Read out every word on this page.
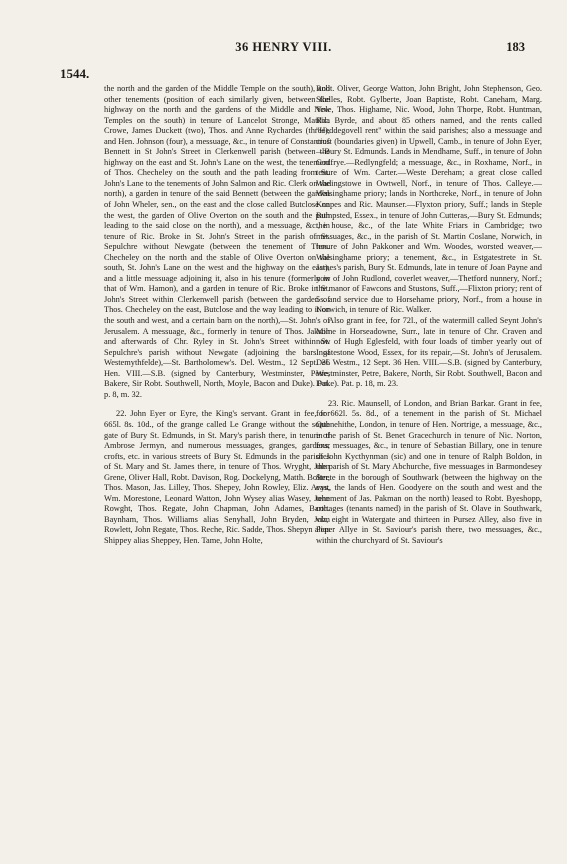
36 HENRY VIII.	183
1544.

the north and the garden of the Middle Temple on the south), and other tenements (position of each similarly given, between the highway on the north and the gardens of the Middle and New Temples on the south) in tenure of Lancelot Stronge, Matilda Crowe, James Duckett (two), Thos. and Anne Rychardes (three), and Hen. Johnson (four), a messuage, &c., in tenure of Constantius Bennett in St John's Street in Clerkenwell parish (between the highway on the east and St. John's Lane on the west, the tenement of Thos. Checheley on the south and the path leading from St. John's Lane to the tenements of John Salmon and Ric. Clerk on the north), a garden in tenure of the said Bennett (between the garden of John Wheler, sen., on the east and the close called Butclose on the west, the garden of Olive Overton on the south and the path leading to the said close on the north), and a messuage, &c., in tenure of Ric. Broke in St. John's Street in the parish of St. Sepulchre without Newgate (between the tenement of Thos. Checheley on the north and the stable of Olive Overton on the south, St. John's Lane on the west and the highway on the east), and a little messuage adjoining it, also in his tenure (formerly in that of Wm. Hamon), and a garden in tenure of Ric. Broke in St. John's Street within Clerkenwell parish (between the garden of Thos. Checheley on the east, Butclose and the way leading to it on the south and west, and a certain barn on the north),—St. John's of Jerusalem. A messuage, &c., formerly in tenure of Thos. Jakson and afterwards of Chr. Ryley in St. John's Street within St. Sepulchre's parish without Newgate (adjoining the bars of Westemythfelde),—St. Bartholomew's. Del. Westm., 12 Sept. 36 Hen. VIII.—S.B. (signed by Canterbury, Westminster, Petre, Bakere, Sir Robt. Southwell, North, Moyle, Bacon and Duke). Pat. p. 8, m. 32.

22. John Eyer or Eyre, the King's servant. Grant in fee, for 665l. 8s. 10d., of the grange called Le Grange without the south gate of Bury St. Edmunds, in St. Mary's parish there, in tenure of Ambrose Jermyn, and numerous messuages, granges, gardens, crofts, etc. in various streets of Bury St. Edmunds in the parishes of St. Mary and St. James there, in tenure of Thos. Wryght, John Grene, Oliver Hall, Robt. Davison, Rog. Dockelyng, Matth. Bolter, Thos. Mason, Jas. Lilley, Thos. Shepey, John Rowley, Eliz. Avys, Wm. Morestone, Leonard Watton, John Wysey alias Wasey, John Rowght, Thos. Regate, John Chapman, John Adames, Barth. Baynham, Thos. Williams alias Senyhall, John Bryden, John Rowlett, John Regate, Thos. Reche, Ric. Sadde, Thos. Shepyn alias Shippey alias Sheppey, Hen. Tame, John Holte,

Robt. Oliver, George Watton, John Bright, John Stephenson, Geo. Skelles, Robt. Gylberte, Joan Baptiste, Robt. Caneham, Marg. Yole, Thos. Highame, Nic. Wood, John Thorpe, Robt. Huntman, Ric. Byrde, and about 85 others named, and the rents called "Heddegovell rent" within the said parishes; also a messuage and croft (boundaries given) in Upwell, Camb., in tenure of John Eyer, —Bury St. Edmunds. Lands in Mendhame, Suff., in tenure of John Godfrye.—Redlyngfeld; a messuage, &c., in Roxhame, Norf., in tenure of Wm. Carter.—Weste Dereham; a great close called Wadingstowe in Owtwell, Norf., in tenure of Thos. Calleye.—Walsinghame priory; lands in Northcreke, Norf., in tenure of John Knapes and Ric. Maunser.—Flyxton priory, Suff.; lands in Steple Bumpsted, Essex., in tenure of John Cutteras,—Bury St. Edmunds; the house, &c., of the late White Friars in Cambridge; two messuages, &c., in the parish of St. Martin Coslane, Norwich, in tenure of John Pakkoner and Wm. Woodes, worsted weaver,—Walsinghame priory; a tenement, &c., in Estgatestrete in St. James's parish, Bury St. Edmunds, late in tenure of Joan Payne and now of John Rudlond, coverlet weaver,—Thetford nunnery, Norf.; the manor of Fawcons and Stustons, Suff.,—Flixton priory; rent of 5s. and service due to Horsehame priory, Norf., from a house in Norwich, in tenure of Ric. Walker.

Also grant in fee, for 72l., of the watermill called Seynt John's Milne in Horseadowne, Surr., late in tenure of Chr. Craven and now of Hugh Eglesfeld, with four loads of timber yearly out of Ingatestone Wood, Essex, for its repair,—St. John's of Jerusalem. Del. Westm., 12 Sept. 36 Hen. VIII.—S.B. (signed by Canterbury, Westminster, Petre, Bakere, North, Sir Robt. Southwell, Bacon and Duke). Pat. p. 18, m. 23.

23. Ric. Maunsell, of London, and Brian Barkar. Grant in fee, for 662l. 5s. 8d., of a tenement in the parish of St. Michael Quenehithe, London, in tenure of Hen. Nortrige, a messuage, &c., in the parish of St. Benet Gracechurch in tenure of Nic. Norton, four messuages, &c., in tenure of Sebastian Billary, one in tenure of John Kycthynman (sic) and one in tenure of Ralph Boldon, in the parish of St. Mary Abchurche, five messuages in Barmondesey Strete in the borough of Southwark (between the highway on the east, the lands of Hen. Goodyere on the south and west and the tenement of Jas. Pakman on the north) leased to Robt. Byeshopp, cottages (tenants named) in the parish of St. Olave in Southwark, viz, eight in Watergate and thirteen in Pursez Alley, also five in Peper Allye in St. Saviour's parish there, two messuages, &c., within the churchyard of St. Saviour's
